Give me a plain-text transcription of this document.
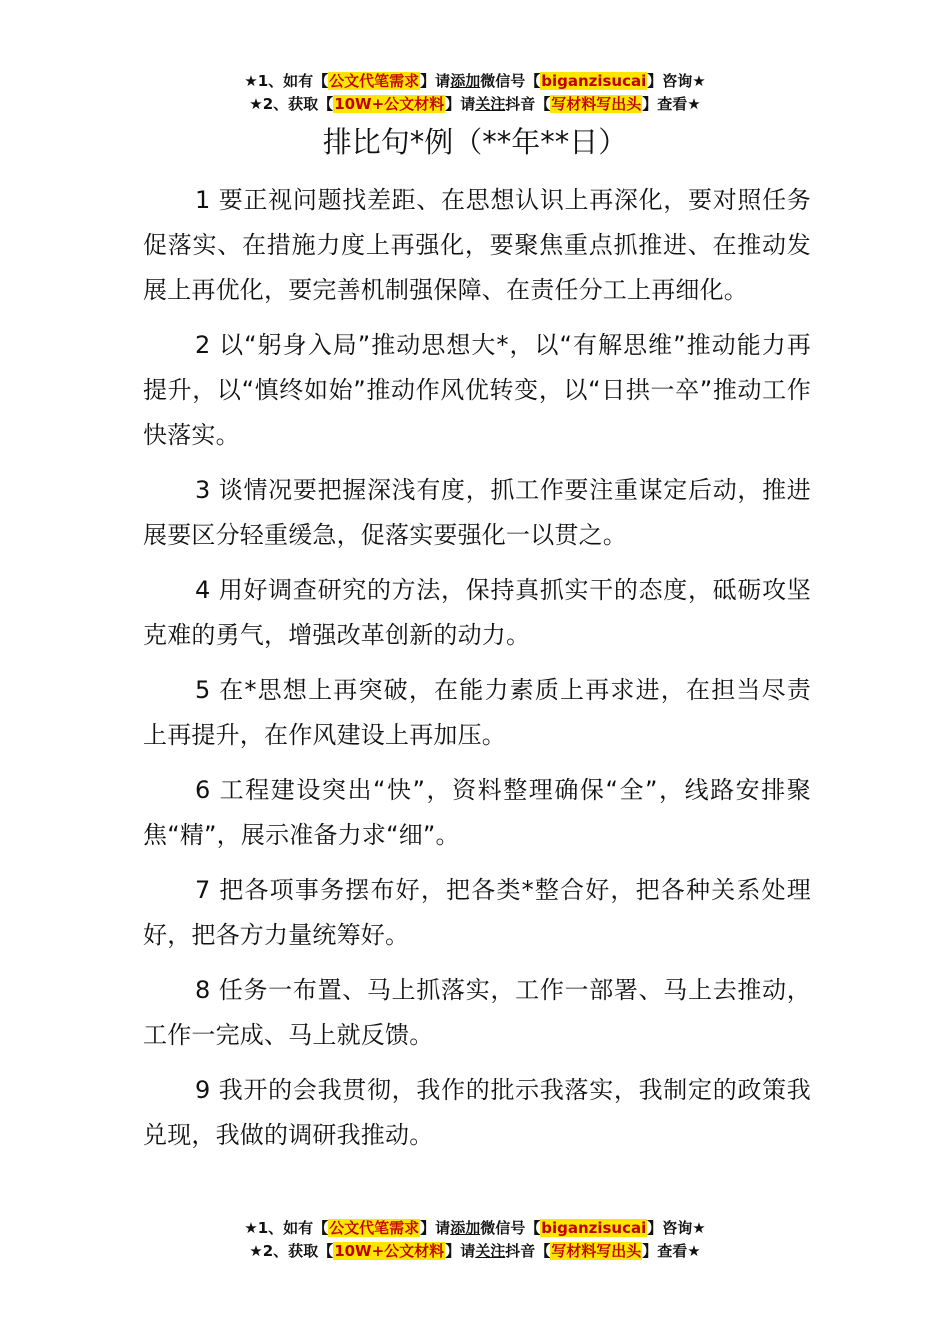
★1、如有【公文代笔需求】请添加微信号【biganzisucai】咨询★
★2、获取【10W+公文材料】请关注抖音【写材料写出头】查看★
排比句*例（**年**日）

1 要正视问题找差距、在思想认识上再深化，要对照任务促落实、在措施力度上再强化，要聚焦重点抓推进、在推动发展上再优化，要完善机制强保障、在责任分工上再细化。

2 以“躬身入局”推动思想大*，以“有解思维”推动能力再提升，以“慎终如始”推动作风优转变，以“日拱一卒”推动工作快落实。

3 谈情况要把握深浅有度，抓工作要注重谋定后动，推进展要区分轻重缓急，促落实要强化一以贯之。

4 用好调查研究的方法，保持真抓实干的态度，砥砺攻坚克难的勇气，增强改革创新的动力。

5 在*思想上再突破，在能力素质上再求进，在担当尽责上再提升，在作风建设上再加压。

6 工程建设突出“快”，资料整理确保“全”，线路安排聚焦“精”，展示准备力求“细”。

7 把各项事务摆布好，把各类*整合好，把各种关系处理好，把各方力量统筹好。

8 任务一布置、马上抓落实，工作一部署、马上去推动，工作一完成、马上就反馈。

9 我开的会我贯彻，我作的批示我落实，我制定的政策我兑现，我做的调研我推动。

★1、如有【公文代笔需求】请添加微信号【biganzisucai】咨询★
★2、获取【10W+公文材料】请关注抖音【写材料写出头】查看★
